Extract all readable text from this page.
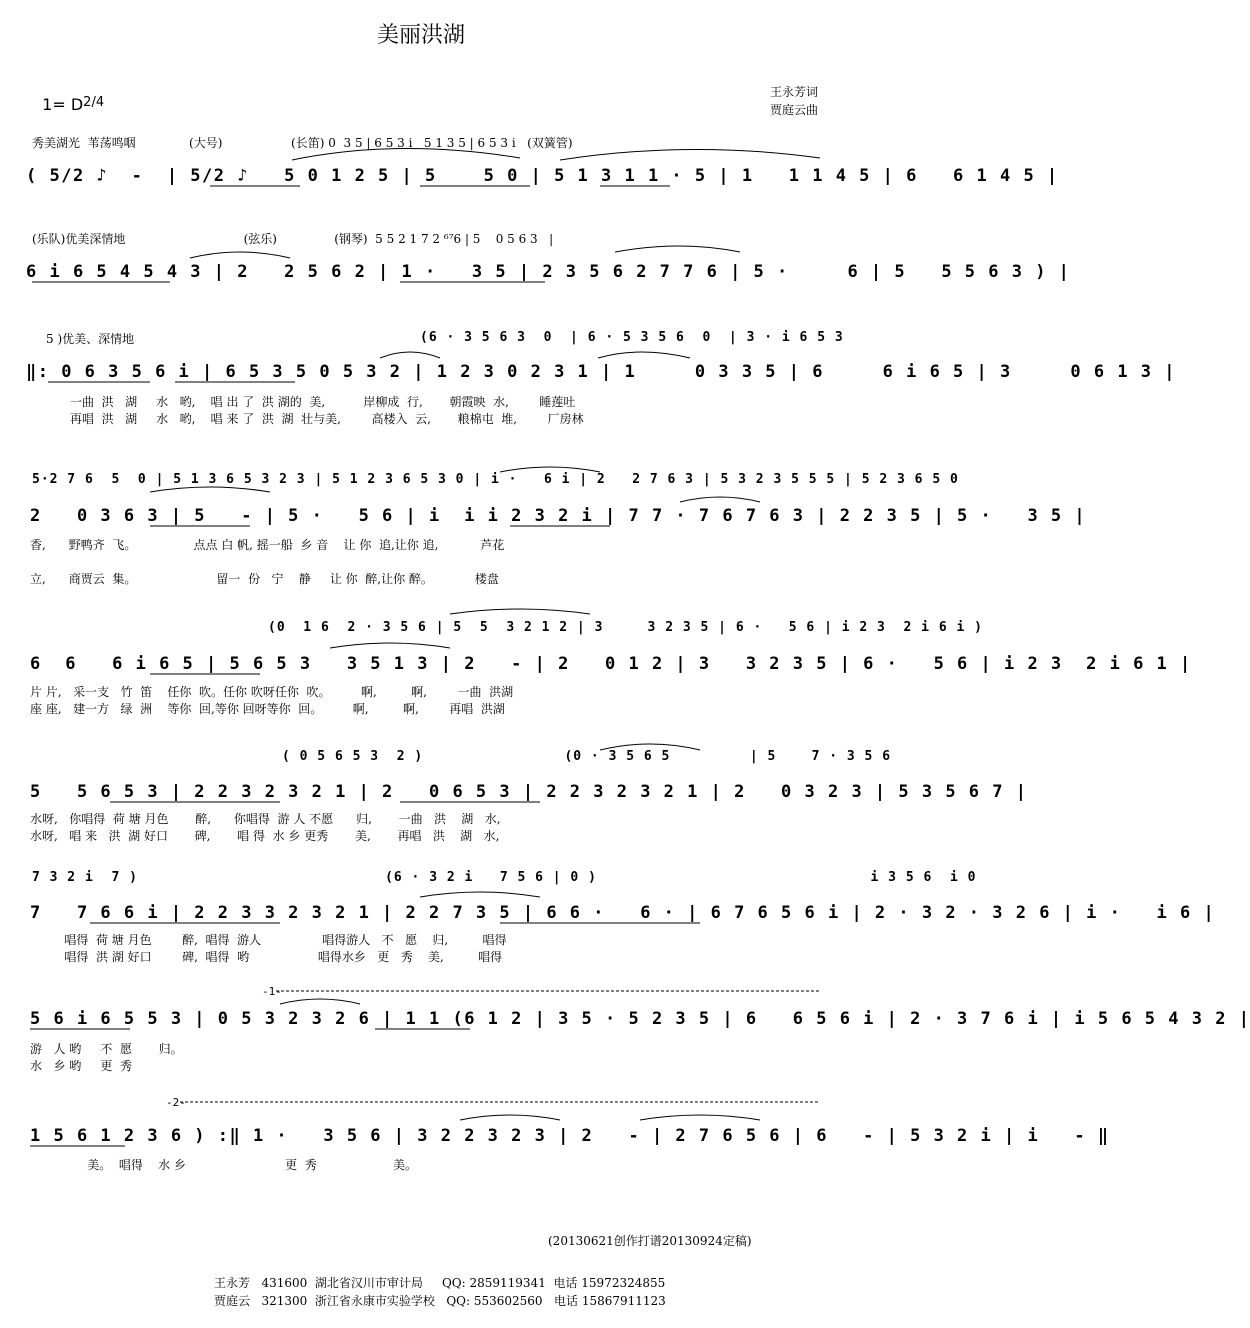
美丽洪湖

$1= D^{2/4}$

王永芳词
贾庭云曲
秀美湖光  苇荡鸣咽              (大号)                  (长笛) 0  3 5 | 6 5 3 i   5 1 3 5 | 6 5 3 i   (双簧管)
( 5/2 ♪  -  | 5/2 ♪   5 0 1 2 5 | 5    5 0 | 5 1 3 1 1 · 5 | 1   1 1 4 5 | 6   6 1 4 5 |
(乐队)优美深情地                               (弦乐)               (钢琴)  5 5 2 1 7 2 ⁶⁷6 | 5    0 5 6 3   |
6 i 6 5 4 5 4 3 | 2   2 5 6 2 | 1 ·   3 5 | 2 3 5 6 2 7 7 6 | 5 ·     6 | 5   5 5 6 3 ) |
5 )优美、深情地	(6 · 3 5 6 3  0  | 6 · 5 3 5 6  0  | 3 · i 6 5 3
‖: 0 6 3 5 6 i | 6 5 3 5 0 5 3 2 | 1 2 3 0 2 3 1 | 1     0 3 3 5 | 6     6 i 6 5 | 3     0 6 1 3 |
一曲  洪   湖     水   哟,    唱 出 了  洪 湖的  美,          岸柳成  行,       朝霞映  水,        睡莲吐
再唱  洪   湖     水   哟,    唱 来 了  洪  湖  壮与美,        高楼入  云,       粮棉屯  堆,        厂房林
5·2 7 6  5  0 | 5 1 3 6 5 3 2 3 | 5 1 2 3 6 5 3 0 | i ·   6 i | 2   2 7 6 3 | 5 3 2 3 5 5 5 | 5 2 3 6 5 0
2   0 3 6 3 | 5   - | 5 ·   5 6 | i  i i 2 3 2 i | 7 7 · 7 6 7 6 3 | 2 2 3 5 | 5 ·   3 5 |
香,      野鸭齐  飞。               点点 白 帆, 摇一船  乡 音    让 你  追,让你 追,           芦花
立,      商贾云  集。                     留一  份   宁    静     让 你  醉,让你 醉。           楼盘
(0  1 6  2 · 3 5 6 | 5  5  3 2 1 2 | 3     3 2 3 5 | 6 ·   5 6 | i 2 3  2 i 6 i )
6  6   6 i 6 5 | 5 6 5 3   3 5 1 3 | 2   - | 2   0 1 2 | 3   3 2 3 5 | 6 ·   5 6 | i 2 3  2 i 6 1 |
片 片,   采一支   竹  笛    任你  吹。任你 吹呀任你  吹。        啊,         啊,        一曲  洪湖
座 座,   建一方   绿  洲    等你  回,等你 回呀等你  回。        啊,         啊,        再唱  洪湖
( 0 5 6 5 3  2 )                (0 · 3 5 6 5         | 5    7 · 3 5 6
5   5 6 5 3 | 2 2 3 2 3 2 1 | 2   0 6 5 3 | 2 2 3 2 3 2 1 | 2   0 3 2 3 | 5 3 5 6 7 |
水呀,   你唱得  荷 塘 月色       醉,      你唱得  游 人 不愿      归,       一曲   洪    湖   水,
水呀,   唱 来   洪  湖 好口       碑,       唱 得  水 乡 更秀       美,       再唱   洪    湖   水,
7 3 2 i  7 )                            (6 · 3 2 i   7 5 6 | 0 )                               i 3 5 6  i 0
7   7 6 6 i | 2 2 3 3 2 3 2 1 | 2 2 7 3 5 | 6 6 ·   6 · | 6 7 6 5 6 i | 2 · 3 2 · 3 2 6 | i ·   i 6 |
唱得  荷 塘 月色        醉,  唱得  游人                唱得游人   不   愿    归,         唱得
唱得  洪 湖 好口        碑,  唱得  哟                  唱得水乡   更   秀    美,         唱得
-1-
5 6 i 6 5 5 3 | 0 5 3 2 3 2 6 | 1 1 (6 1 2 | 3 5 · 5 2 3 5 | 6   6 5 6 i | 2 · 3 7 6 i | i 5 6 5 4 3 2 |
游   人 哟     不  愿       归。
水   乡 哟     更  秀
-2-
1 5 6 1 2 3 6 ) :‖ 1 ·   3 5 6 | 3 2 2 3 2 3 | 2   - | 2 7 6 5 6 | 6   - | 5 3 2 i | i   - ‖
美。  唱得    水 乡                          更  秀                    美。
(20130621创作打谱20130924定稿)
王永芳   431600  湖北省汉川市审计局     QQ: 2859119341  电话 15972324855
贾庭云   321300  浙江省永康市实验学校   QQ: 553602560   电话 15867911123
